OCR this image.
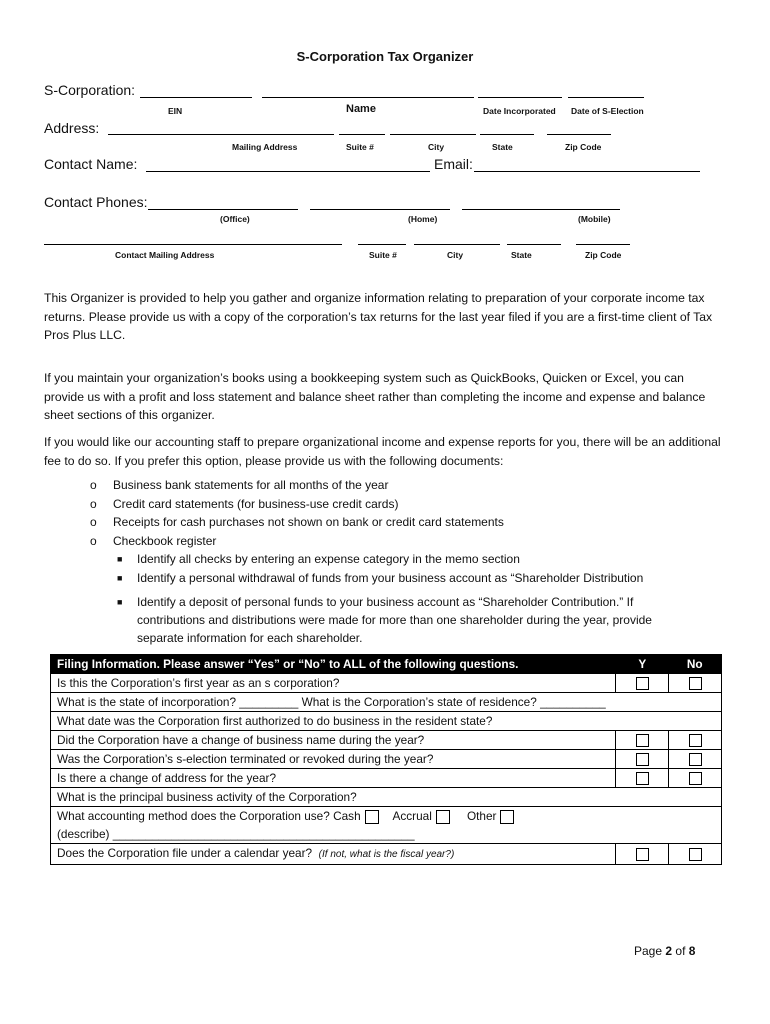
S-Corporation Tax Organizer
S-Corporation:
EIN	Name	Date Incorporated Date of S-Election
Address:
Mailing Address	Suite #	City	State	Zip Code
Contact Name:	Email:
Contact Phones:
(Office)	(Home)	(Mobile)
Contact Mailing Address	Suite #	City	State	Zip Code
This Organizer is provided to help you gather and organize information relating to preparation of your corporate income tax returns. Please provide us with a copy of the corporation’s tax returns for the last year filed if you are a first-time client of Tax Pros Plus LLC.
If you maintain your organization’s books using a bookkeeping system such as QuickBooks, Quicken or Excel, you can provide us with a profit and loss statement and balance sheet rather than completing the income and expense and balance sheet sections of this organizer.
If you would like our accounting staff to prepare organizational income and expense reports for you, there will be an additional fee to do so. If you prefer this option, please provide us with the following documents:
o Business bank statements for all months of the year
o Credit card statements (for business-use credit cards)
o Receipts for cash purchases not shown on bank or credit card statements
o Checkbook register
■ Identify all checks by entering an expense category in the memo section
■ Identify a personal withdrawal of funds from your business account as “Shareholder Distribution
■ Identify a deposit of personal funds to your business account as “Shareholder Contribution.” If
contributions and distributions were made for more than one shareholder during the year, provide
separate information for each shareholder.
Filing Information. Please answer “Yes” or “No” to ALL of the following questions.	Y	No
Is this the Corporation’s first year as an s corporation?		
What is the state of incorporation? _________ What is the Corporation’s state of residence? __________		
What date was the Corporation first authorized to do business in the resident state?		
Did the Corporation have a change of business name during the year?		
Was the Corporation’s s-election terminated or revoked during the year?		
Is there a change of address for the year?		
What is the principal business activity of the Corporation?		

What accounting method does the Corporation use? Cash Accrual Other
(describe) ______________________________________________		

Does the Corporation file under a calendar year? (If not, what is the fiscal year?)		
Page 2 of 8
